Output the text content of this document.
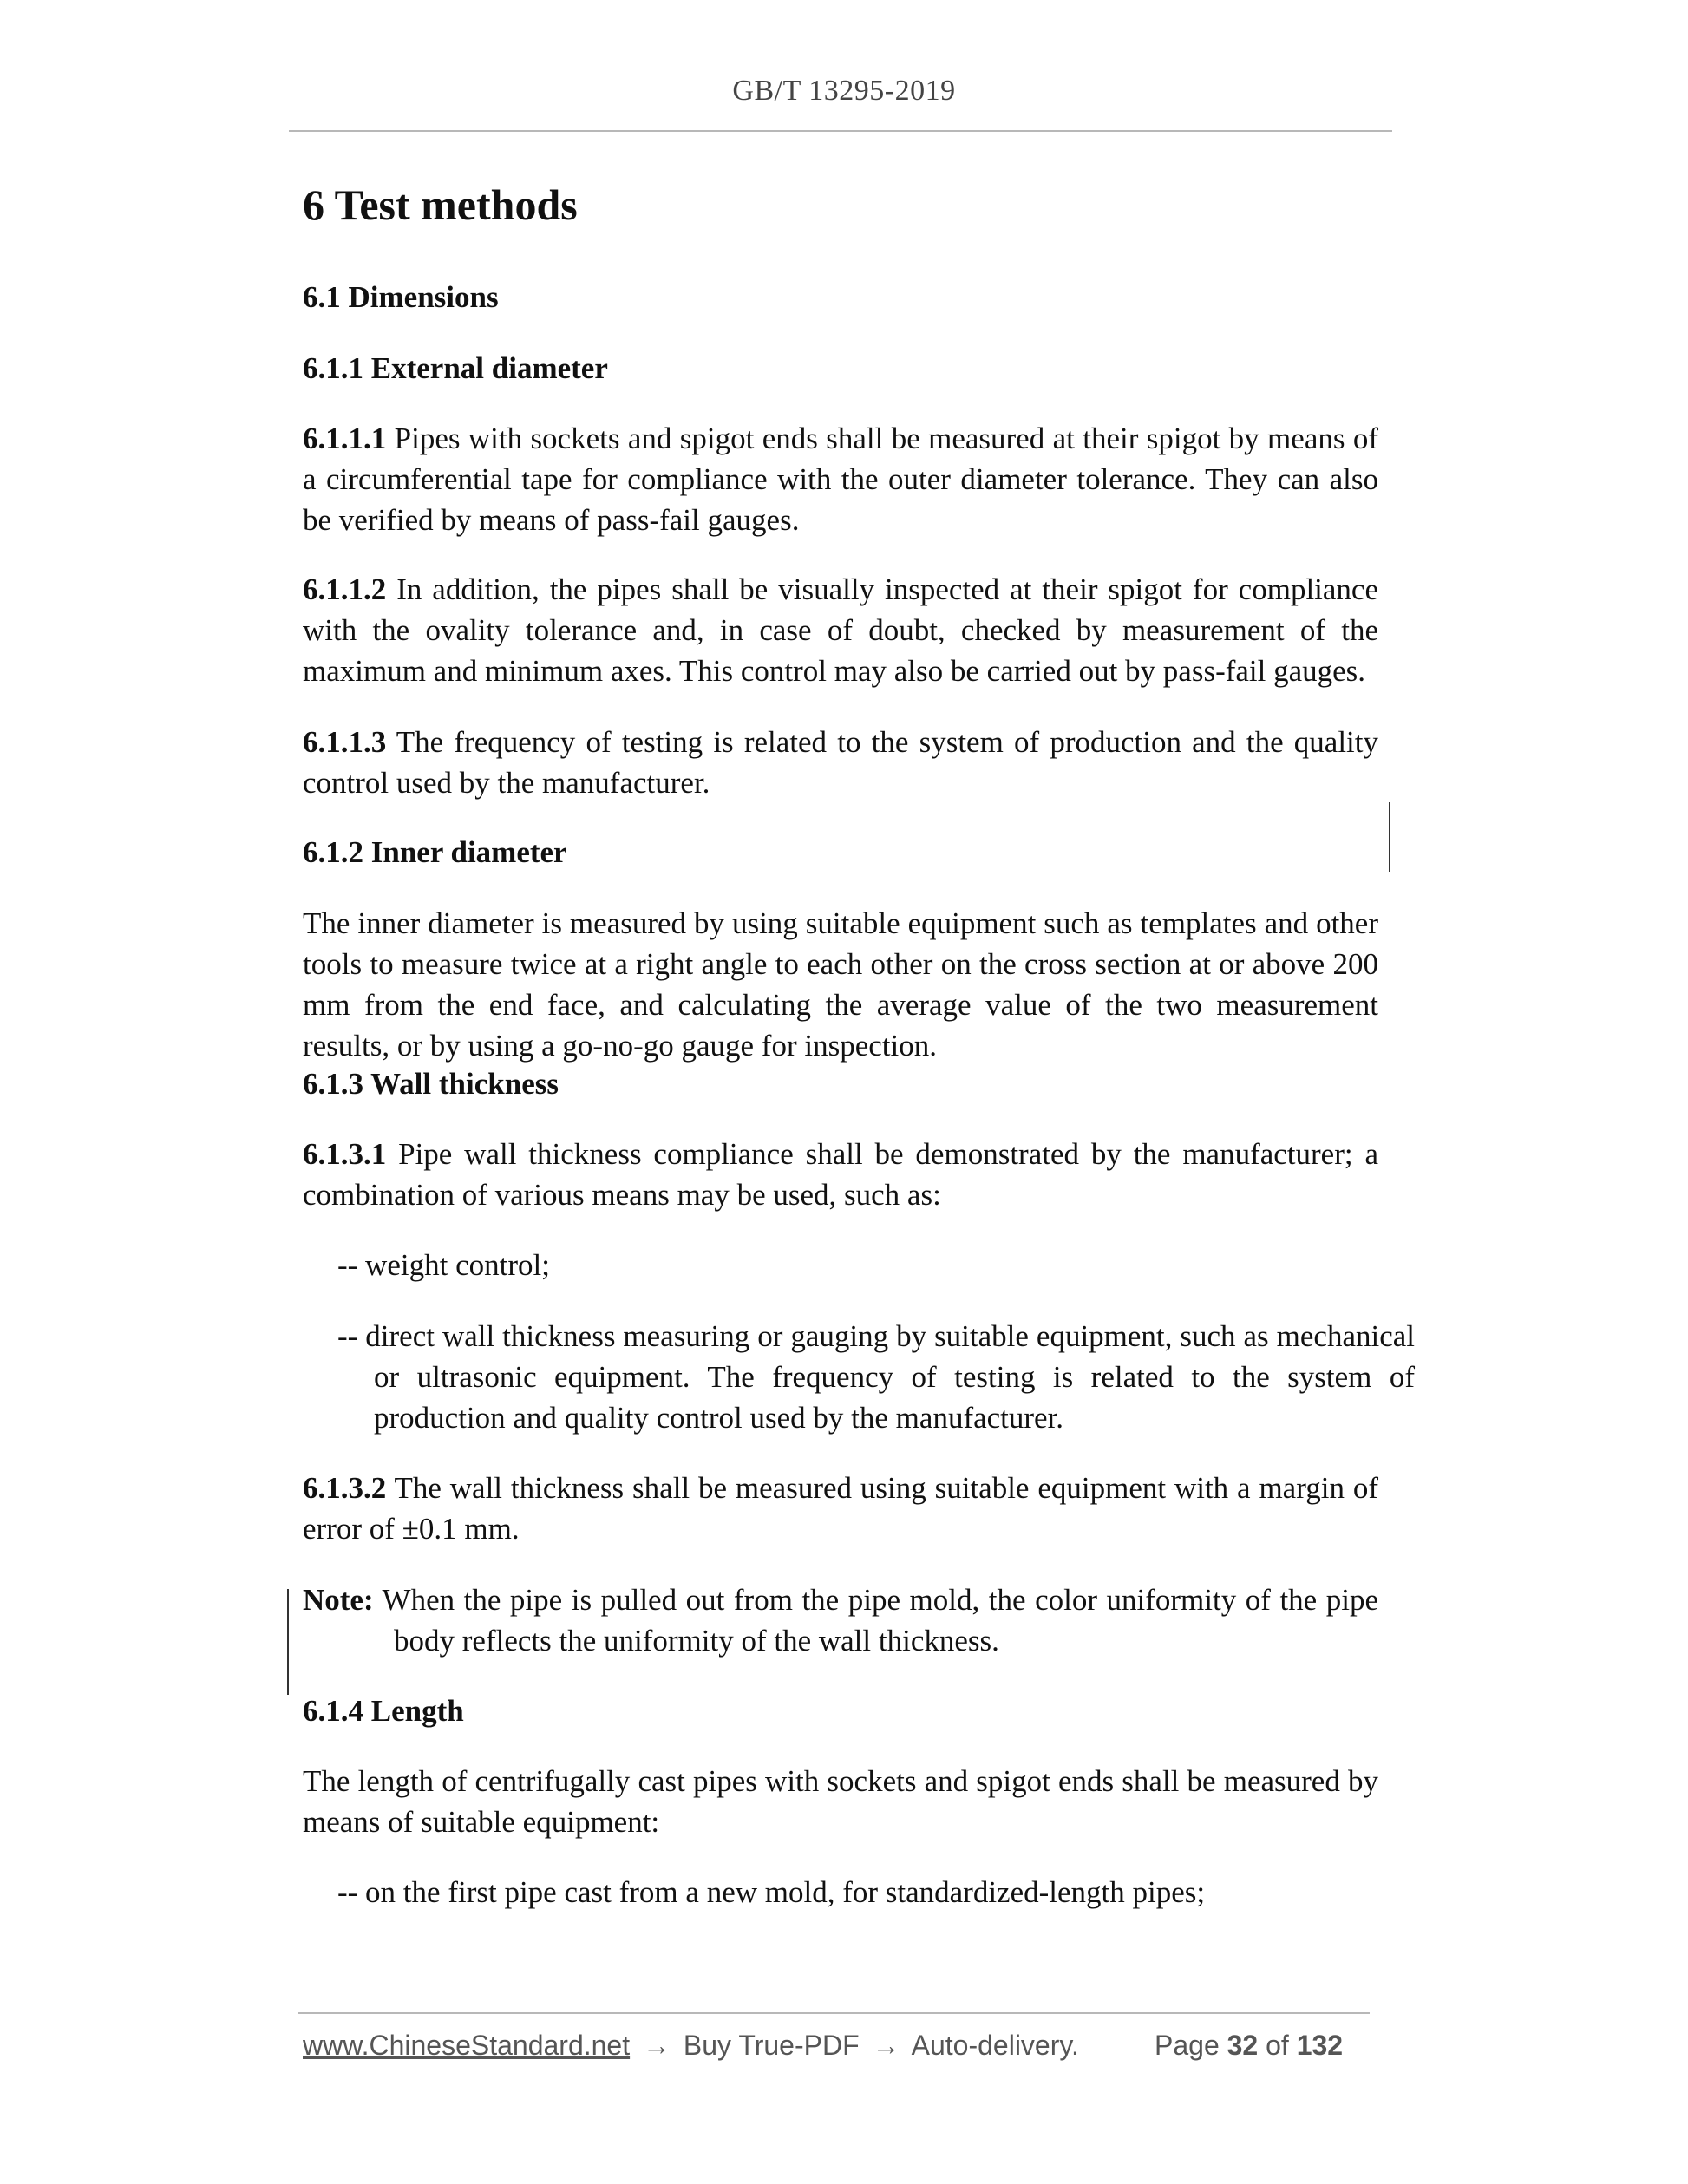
GB/T 13295-2019
6 Test methods
6.1 Dimensions
6.1.1 External diameter

6.1.1.1 Pipes with sockets and spigot ends shall be measured at their spigot by means of a circumferential tape for compliance with the outer diameter tolerance. They can also be verified by means of pass-fail gauges.

6.1.1.2 In addition, the pipes shall be visually inspected at their spigot for compliance with the ovality tolerance and, in case of doubt, checked by measurement of the maximum and minimum axes. This control may also be carried out by pass-fail gauges.

6.1.1.3 The frequency of testing is related to the system of production and the quality control used by the manufacturer.

6.1.2 Inner diameter

The inner diameter is measured by using suitable equipment such as templates and other tools to measure twice at a right angle to each other on the cross section at or above 200 mm from the end face, and calculating the average value of the two measurement results, or by using a go-no-go gauge for inspection.

6.1.3 Wall thickness

6.1.3.1 Pipe wall thickness compliance shall be demonstrated by the manufacturer; a combination of various means may be used, such as:

-- weight control;

-- direct wall thickness measuring or gauging by suitable equipment, such as mechanical or ultrasonic equipment. The frequency of testing is related to the system of production and quality control used by the manufacturer.

6.1.3.2 The wall thickness shall be measured using suitable equipment with a margin of error of ±0.1 mm.

Note: When the pipe is pulled out from the pipe mold, the color uniformity of the pipe body reflects the uniformity of the wall thickness.

6.1.4 Length

The length of centrifugally cast pipes with sockets and spigot ends shall be measured by means of suitable equipment:

-- on the first pipe cast from a new mold, for standardized-length pipes;

www.ChineseStandard.net → Buy True-PDF → Auto-delivery.	Page 32 of 132
